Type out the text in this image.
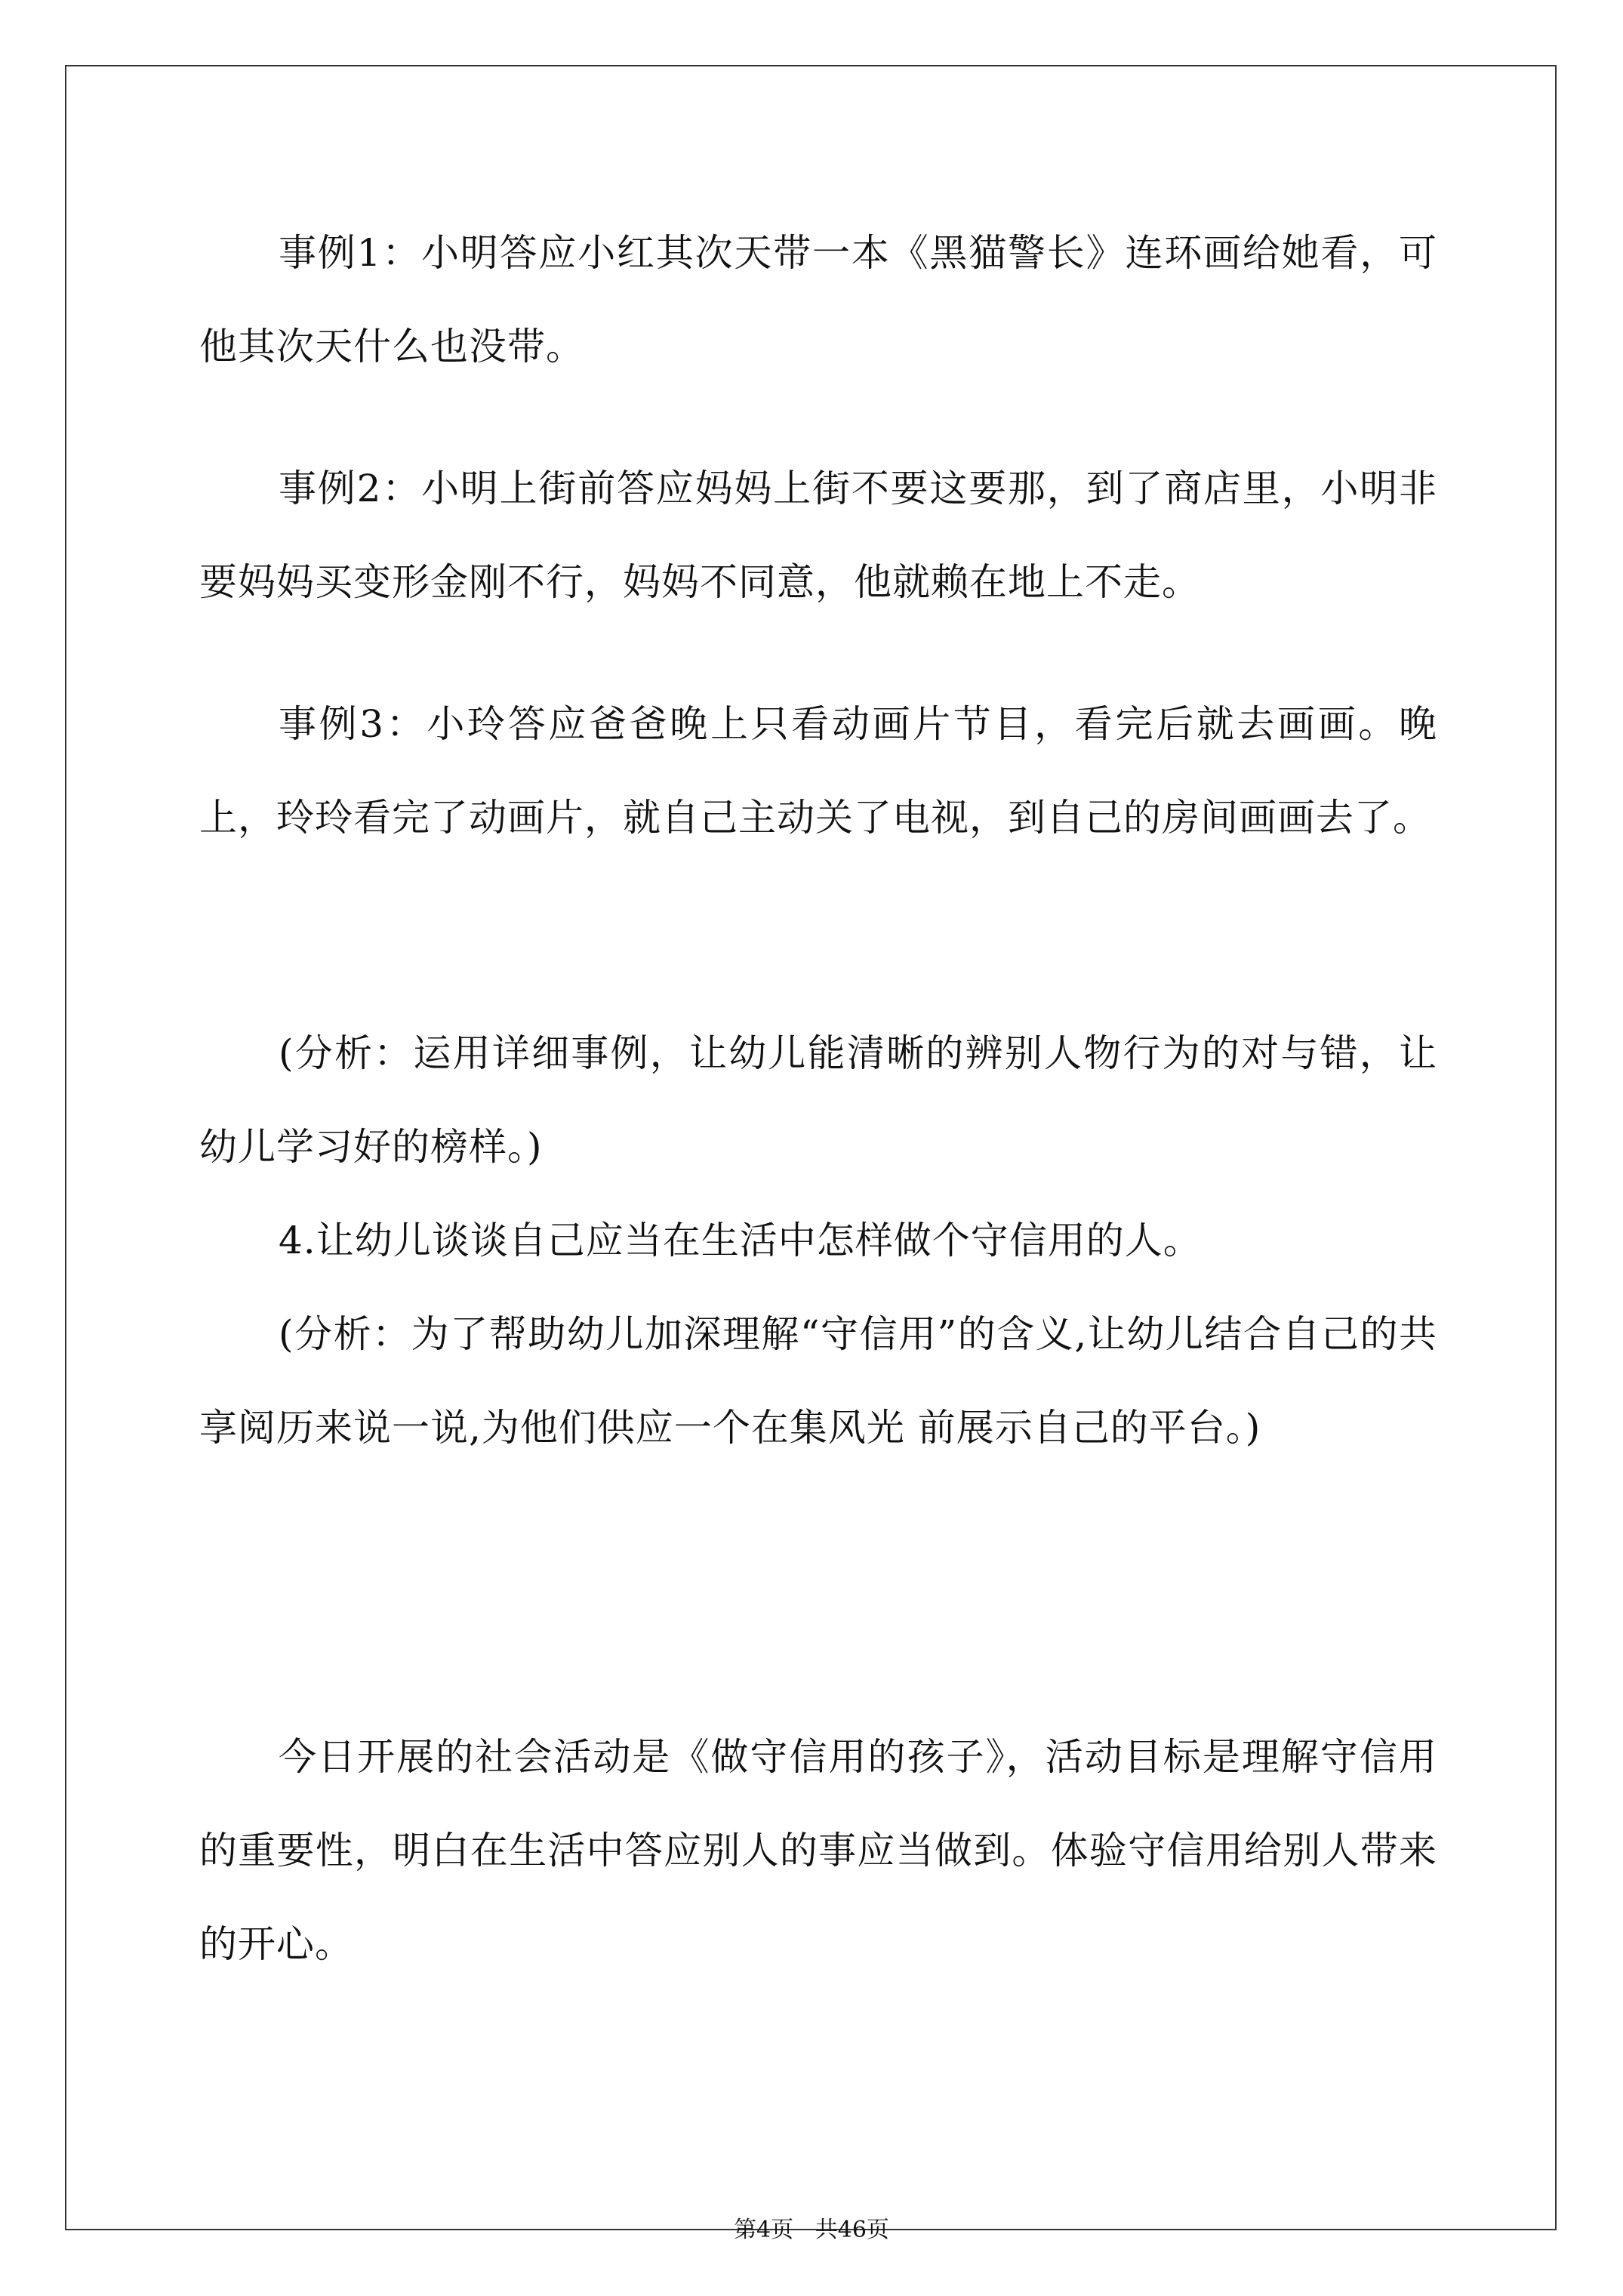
事例1：小明答应小红其次天带一本《黑猫警长》连环画给她看，可他其次天什么也没带。

事例2：小明上街前答应妈妈上街不要这要那，到了商店里，小明非要妈妈买变形金刚不行，妈妈不同意，他就赖在地上不走。

事例3：小玲答应爸爸晚上只看动画片节目，看完后就去画画。晚上，玲玲看完了动画片，就自己主动关了电视，到自己的房间画画去了。

(分析：运用详细事例，让幼儿能清晰的辨别人物行为的对与错，让幼儿学习好的榜样。)

4.让幼儿谈谈自己应当在生活中怎样做个守信用的人。

(分析：为了帮助幼儿加深理解“守信用”的含义,让幼儿结合自己的共享阅历来说一说,为他们供应一个在集风光 前展示自己的平台。)

今日开展的社会活动是《做守信用的孩子》，活动目标是理解守信用的重要性，明白在生活中答应别人的事应当做到。体验守信用给别人带来的开心。

第4页   共46页
